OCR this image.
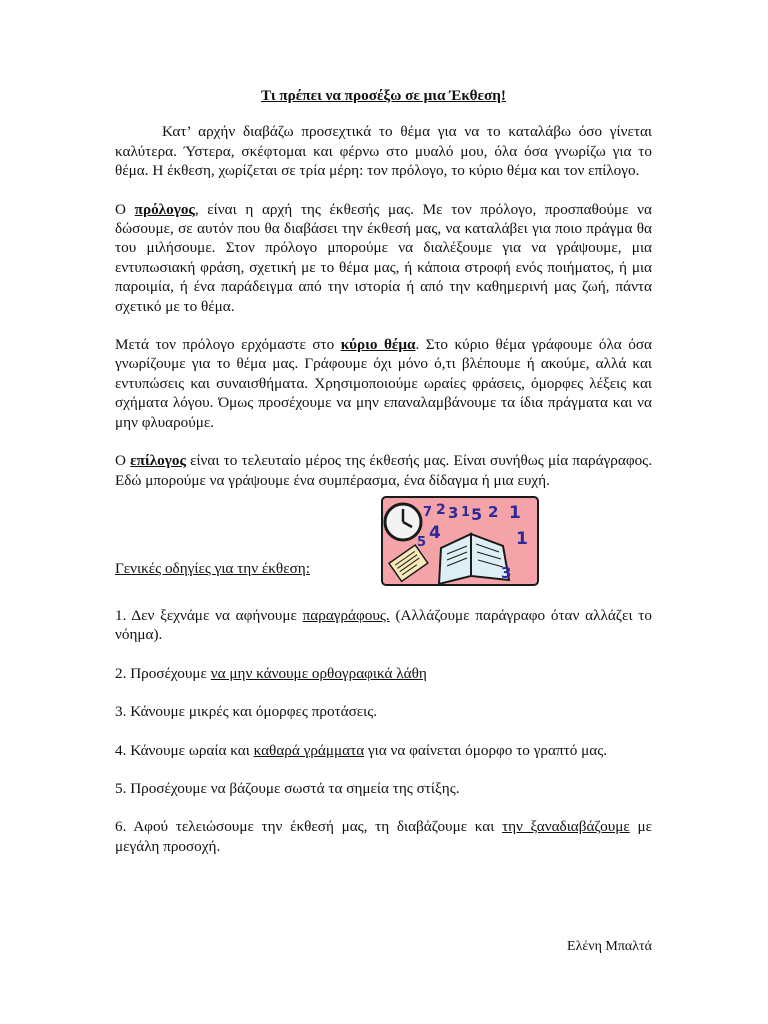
Τι πρέπει να προσέξω σε μια Έκθεση!

Κατ’ αρχήν διαβάζω προσεχτικά το θέμα για να το καταλάβω όσο γίνεται καλύτερα. Ύστερα, σκέφτομαι και φέρνω στο μυαλό μου, όλα όσα γνωρίζω για το θέμα. Η έκθεση, χωρίζεται σε τρία μέρη: τον πρόλογο, το κύριο θέμα και τον επίλογο.

Ο πρόλογος, είναι η αρχή της έκθεσής μας. Με τον πρόλογο, προσπαθούμε να δώσουμε, σε αυτόν που θα διαβάσει την έκθεσή μας, να καταλάβει για ποιο πράγμα θα του μιλήσουμε. Στον πρόλογο μπορούμε να διαλέξουμε για να γράψουμε, μια εντυπωσιακή φράση, σχετική με το θέμα μας, ή κάποια στροφή ενός ποιήματος, ή μια παροιμία, ή ένα παράδειγμα από την ιστορία ή από την καθημερινή μας ζωή, πάντα σχετικό με το θέμα.

Μετά τον πρόλογο ερχόμαστε στο κύριο θέμα. Στο κύριο θέμα γράφουμε όλα όσα γνωρίζουμε για το θέμα μας. Γράφουμε όχι μόνο ό,τι βλέπουμε ή ακούμε, αλλά και εντυπώσεις και συναισθήματα. Χρησιμοποιούμε ωραίες φράσεις, όμορφες λέξεις και σχήματα λόγου. Όμως προσέχουμε να μην επαναλαμβάνουμε τα ίδια πράγματα και να μην φλυαρούμε.

Ο επίλογος είναι το τελευταίο μέρος της έκθεσής μας. Είναι συνήθως μία παράγραφος. Εδώ μπορούμε να γράψουμε ένα συμπέρασμα, ένα δίδαγμα ή μια ευχή.

7 2 3 1 5 2 1
4
5	1
3
Γενικές οδηγίες για την έκθεση:

1. Δεν ξεχνάμε να αφήνουμε παραγράφους. (Αλλάζουμε παράγραφο όταν αλλάζει το νόημα).

2. Προσέχουμε να μην κάνουμε ορθογραφικά λάθη

3. Κάνουμε μικρές και όμορφες προτάσεις.

4. Κάνουμε ωραία και καθαρά γράμματα για να φαίνεται όμορφο το γραπτό μας.

5. Προσέχουμε να βάζουμε σωστά τα σημεία της στίξης.

6. Αφού τελειώσουμε την έκθεσή μας, τη διαβάζουμε και την ξαναδιαβάζουμε με μεγάλη προσοχή.

Ελένη Μπαλτά
